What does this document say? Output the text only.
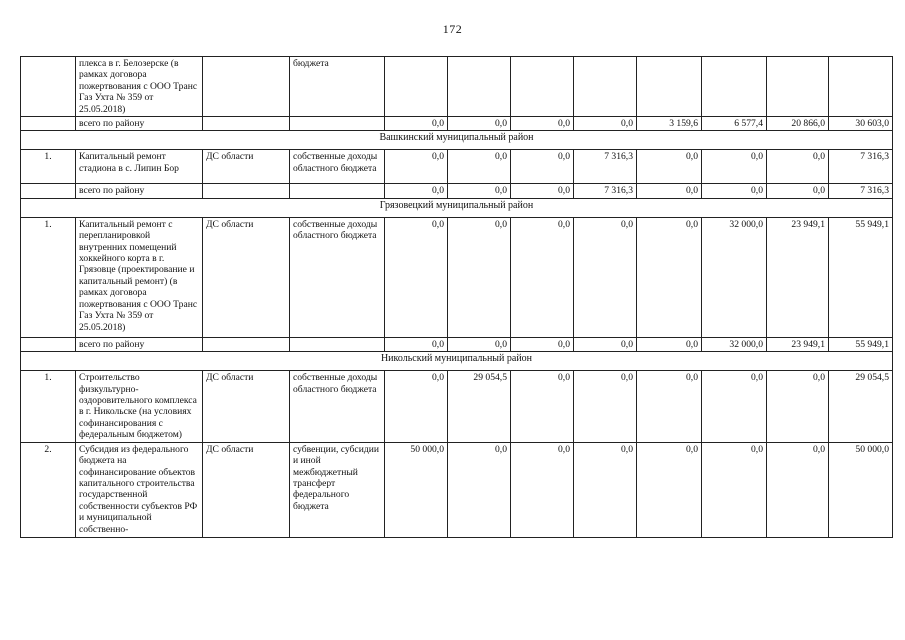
172
	плекса в г. Белозерске (в рамках договора пожертвования с ООО Транс Газ Ухта № 359 от 25.05.2018)		бюджета								
	всего по району			0,0	0,0	0,0	0,0	3 159,6	6 577,4	20 866,0	30 603,0
Вашкинский муниципальный район											
1.	Капитальный ремонт стадиона в с. Липин Бор	ДС области	собственные доходы областного бюджета	0,0	0,0	0,0	7 316,3	0,0	0,0	0,0	7 316,3
	всего по району			0,0	0,0	0,0	7 316,3	0,0	0,0	0,0	7 316,3
Грязовецкий муниципальный район											
1.	Капитальный ремонт с перепланировкой внутренних помещений хоккейного корта в г. Грязовце (проектирование и капитальный ремонт) (в рамках договора пожертвования с ООО Транс Газ Ухта № 359 от 25.05.2018)	ДС области	собственные доходы областного бюджета	0,0	0,0	0,0	0,0	0,0	32 000,0	23 949,1	55 949,1
	всего по району			0,0	0,0	0,0	0,0	0,0	32 000,0	23 949,1	55 949,1
Никольский муниципальный район											
1.	Строительство физкультурно-оздоровительного комплекса в г. Никольске (на условиях софинансирования с федеральным бюджетом)	ДС области	собственные доходы областного бюджета	0,0	29 054,5	0,0	0,0	0,0	0,0	0,0	29 054,5
2.	Субсидия из федерального бюджета на софинансирование объектов капитального строительства государственной собственности субъектов РФ и муниципальной собственно-	ДС области	субвенции, субсидии и иной межбюджетный трансферт федерального бюджета	50 000,0	0,0	0,0	0,0	0,0	0,0	0,0	50 000,0
